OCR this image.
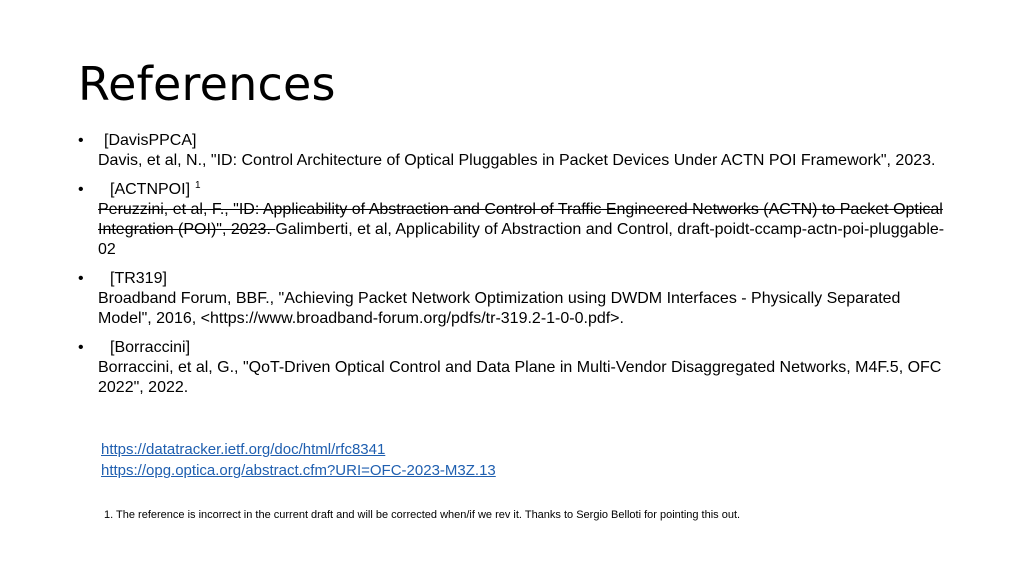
References
•	[DavisPPCA]
Davis, et al, N., "ID: Control Architecture of Optical Pluggables in Packet Devices Under ACTN POI Framework", 2023.
•	[ACTNPOI] $^1$
Peruzzini, et al, F., "ID: Applicability of Abstraction and Control of Traffic Engineered Networks (ACTN) to Packet Optical Integration (POI)", 2023. Galimberti, et al, Applicability of Abstraction and Control, draft-poidt-ccamp-actn-poi-pluggable-02
•	[TR319]
Broadband Forum, BBF., "Achieving Packet Network Optimization using DWDM Interfaces - Physically Separated Model", 2016, <https://www.broadband-forum.org/pdfs/tr-319.2-1-0-0.pdf>.
•	[Borraccini]
Borraccini, et al, G., "QoT-Driven Optical Control and Data Plane in Multi-Vendor Disaggregated Networks, M4F.5, OFC 2022", 2022.
https://datatracker.ietf.org/doc/html/rfc8341
https://opg.optica.org/abstract.cfm?URI=OFC-2023-M3Z.13
1. The reference is incorrect in the current draft and will be corrected when/if we rev it. Thanks to Sergio Belloti for pointing this out.
